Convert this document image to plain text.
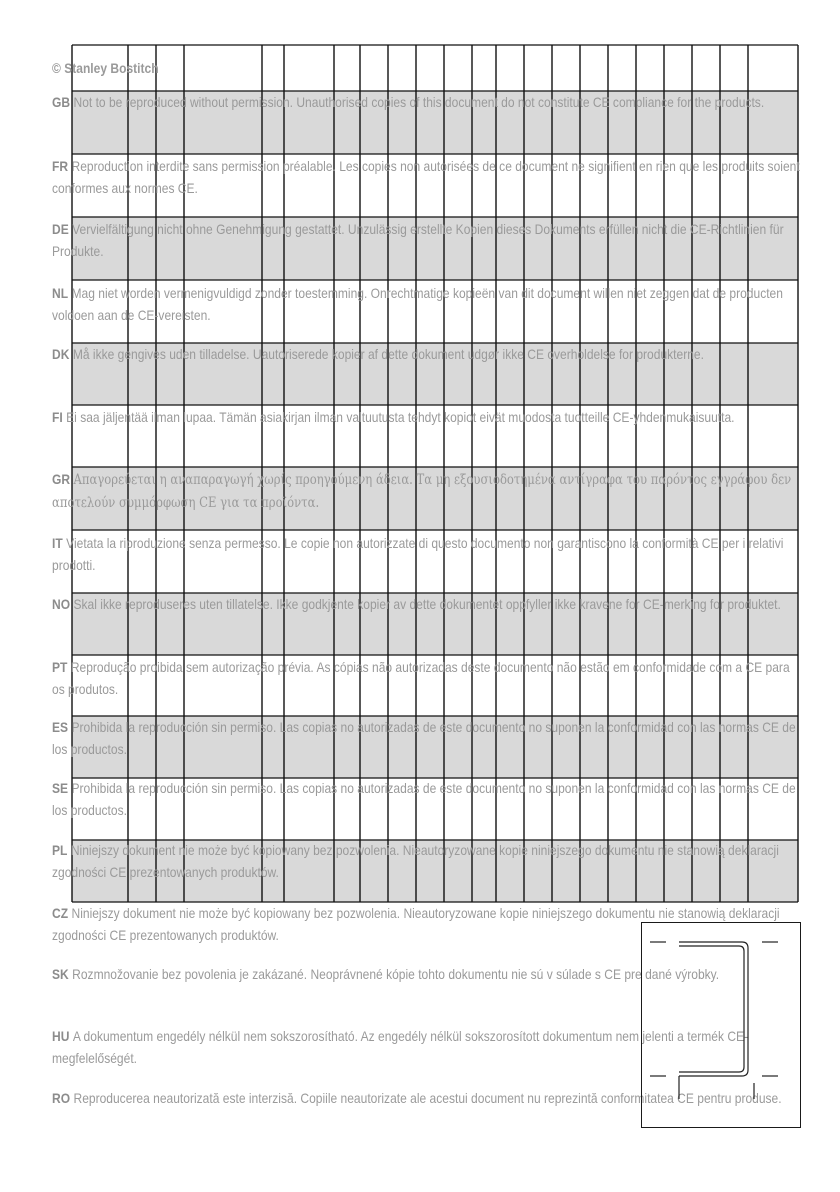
© Stanley Bostitch
GB Not to be reproduced without permission. Unauthorised copies of this document do not constitute CE compliance for the products.
FR Reproduction interdite sans permission préalable. Les copies non autorisées de ce document ne signifient en rien que les produits soient conformes aux normes CE.
DE Vervielfältigung nicht ohne Genehmigung gestattet. Unzulässig erstellte Kopien dieses Dokuments erfüllen nicht die CE-Richtlinien für Produkte.
NL Mag niet worden vermenigvuldigd zonder toestemming. Onrechtmatige kopieën van dit document willen niet zeggen dat de producten voldoen aan de CE-vereisten.
DK Må ikke gengives uden tilladelse. Uautoriserede kopier af dette dokument udgør ikke CE overholdelse for produkterne.
FI Ei saa jäljentää ilman lupaa. Tämän asiakirjan ilman valtuutusta tehdyt kopiot eivät muodosta tuotteille CE-yhdenmukaisuutta.
GR Απαγορεύεται η αναπαραγωγή χωρίς προηγούμενη άδεια. Τα μη εξουσιοδοτημένα αντίγραφα του παρόντος εγγράφου δεν αποτελούν συμμόρφωση CE για τα προϊόντα.
IT Vietata la riproduzione senza permesso. Le copie non autorizzate di questo documento non garantiscono la conformità CE per i relativi prodotti.
NO Skal ikke reproduseres uten tillatelse. Ikke godkjente kopier av dette dokumentet oppfyller ikke kravene for CE-merking for produktet.
PT Reprodução proibida sem autorização prévia. As cópias não autorizadas deste documento não estão em conformidade com a CE para os produtos.
ES Prohibida la reproducción sin permiso. Las copias no autorizadas de este documento no suponen la conformidad con las normas CE de los productos.
SE Prohibida la reproducción sin permiso. Las copias no autorizadas de este documento no suponen la conformidad con las normas CE de los productos.
PL Niniejszy dokument nie może być kopiowany bez pozwolenia. Nieautoryzowane kopie niniejszego dokumentu nie stanowią deklaracji zgodności CE prezentowanych produktów.
CZ Niniejszy dokument nie może być kopiowany bez pozwolenia. Nieautoryzowane kopie niniejszego dokumentu nie stanowią deklaracji zgodności CE prezentowanych produktów.
SK Rozmnožovanie bez povolenia je zakázané. Neoprávnené kópie tohto dokumentu nie sú v súlade s CE pre dané výrobky.
HU A dokumentum engedély nélkül nem sokszorosítható. Az engedély nélkül sokszorosított dokumentum nem jelenti a termék CE-megfelelőségét.
RO Reproducerea neautorizată este interzisă. Copiile neautorizate ale acestui document nu reprezintă conformitatea CE pentru produse.
